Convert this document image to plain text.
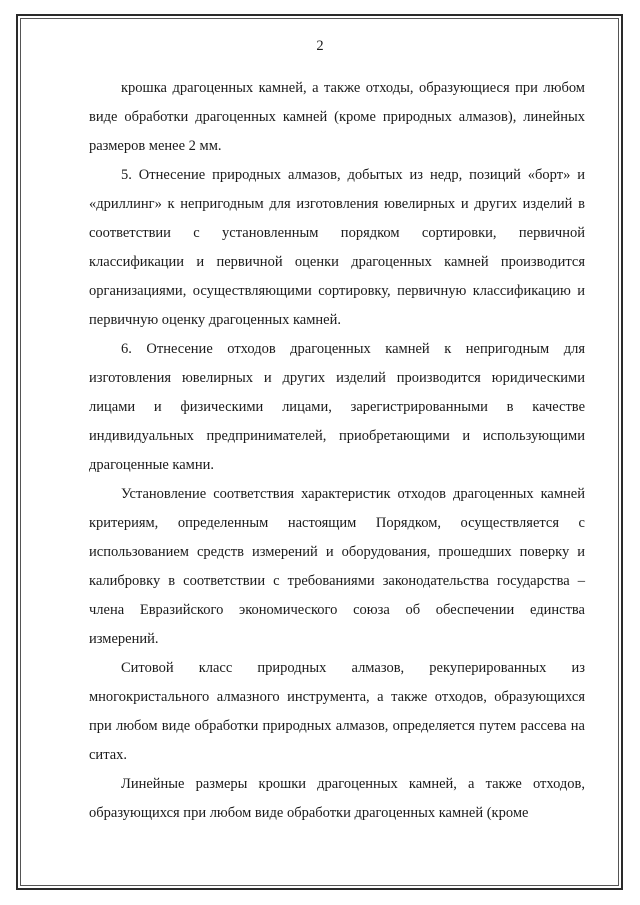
2

крошка драгоценных камней, а также отходы, образующиеся при любом виде обработки драгоценных камней (кроме природных алмазов), линейных размеров менее 2 мм.

5. Отнесение природных алмазов, добытых из недр, позиций «борт» и «дриллинг» к непригодным для изготовления ювелирных и других изделий в соответствии с установленным порядком сортировки, первичной классификации и первичной оценки драгоценных камней производится организациями, осуществляющими сортировку, первичную классификацию и первичную оценку драгоценных камней.

6. Отнесение отходов драгоценных камней к непригодным для изготовления ювелирных и других изделий производится юридическими лицами и физическими лицами, зарегистрированными в качестве индивидуальных предпринимателей, приобретающими и использующими драгоценные камни.

Установление соответствия характеристик отходов драгоценных камней критериям, определенным настоящим Порядком, осуществляется с использованием средств измерений и оборудования, прошедших поверку и калибровку в соответствии с требованиями законодательства государства – члена Евразийского экономического союза об обеспечении единства измерений.

Ситовой класс природных алмазов, рекуперированных из многокристального алмазного инструмента, а также отходов, образующихся при любом виде обработки природных алмазов, определяется путем рассева на ситах.

Линейные размеры крошки драгоценных камней, а также отходов, образующихся при любом виде обработки драгоценных камней (кроме
